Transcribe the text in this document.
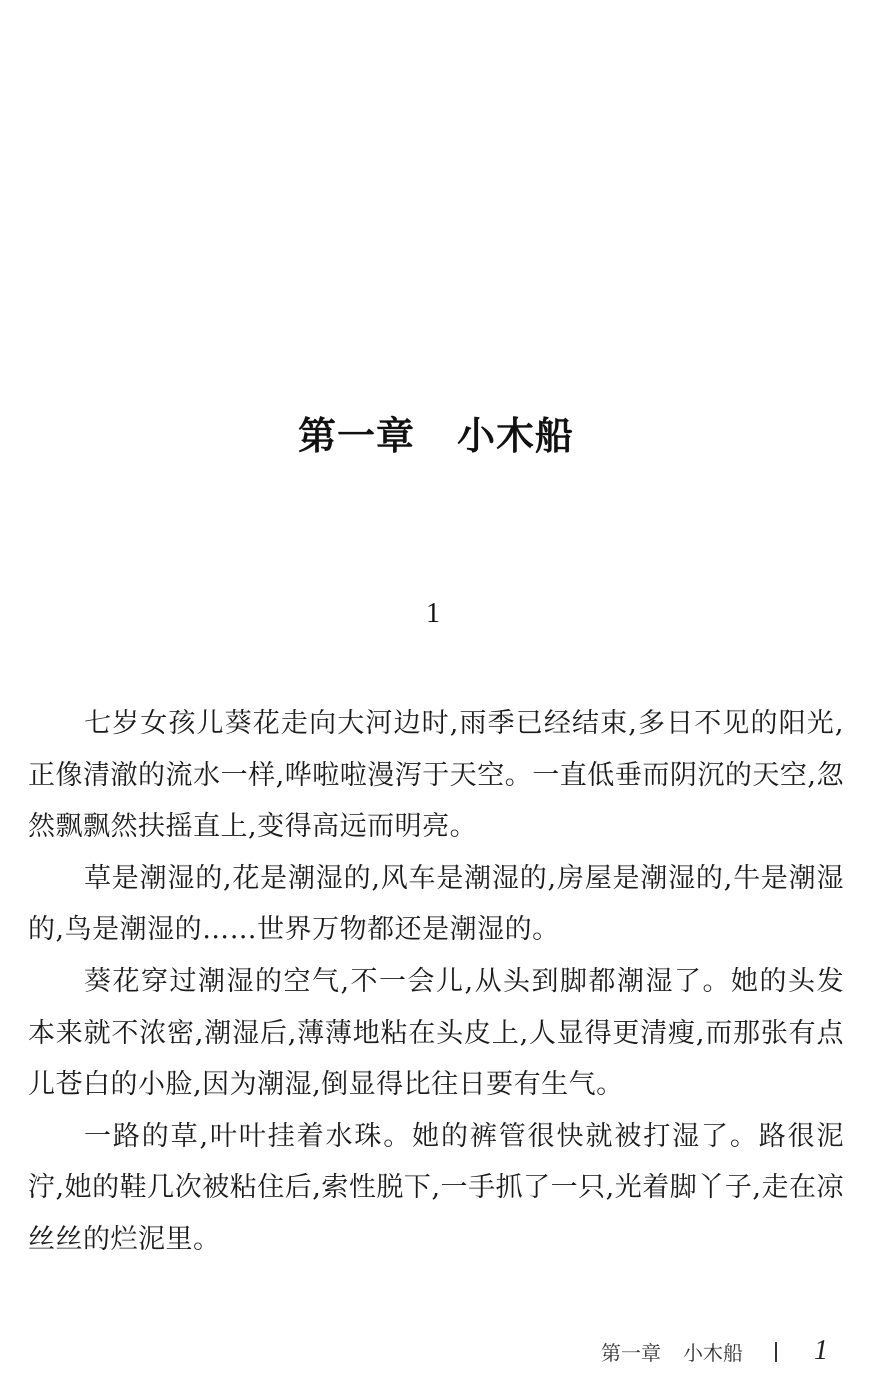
第一章 小木船
1

七岁女孩儿葵花走向大河边时,雨季已经结束,多日不见的阳光,正像清澈的流水一样,哗啦啦漫泻于天空。一直低垂而阴沉的天空,忽然飘飘然扶摇直上,变得高远而明亮。

草是潮湿的,花是潮湿的,风车是潮湿的,房屋是潮湿的,牛是潮湿的,鸟是潮湿的……世界万物都还是潮湿的。

葵花穿过潮湿的空气,不一会儿,从头到脚都潮湿了。她的头发本来就不浓密,潮湿后,薄薄地粘在头皮上,人显得更清瘦,而那张有点儿苍白的小脸,因为潮湿,倒显得比往日要有生气。

一路的草,叶叶挂着水珠。她的裤管很快就被打湿了。路很泥泞,她的鞋几次被粘住后,索性脱下,一手抓了一只,光着脚丫子,走在凉丝丝的烂泥里。

第一章 小木船	1
